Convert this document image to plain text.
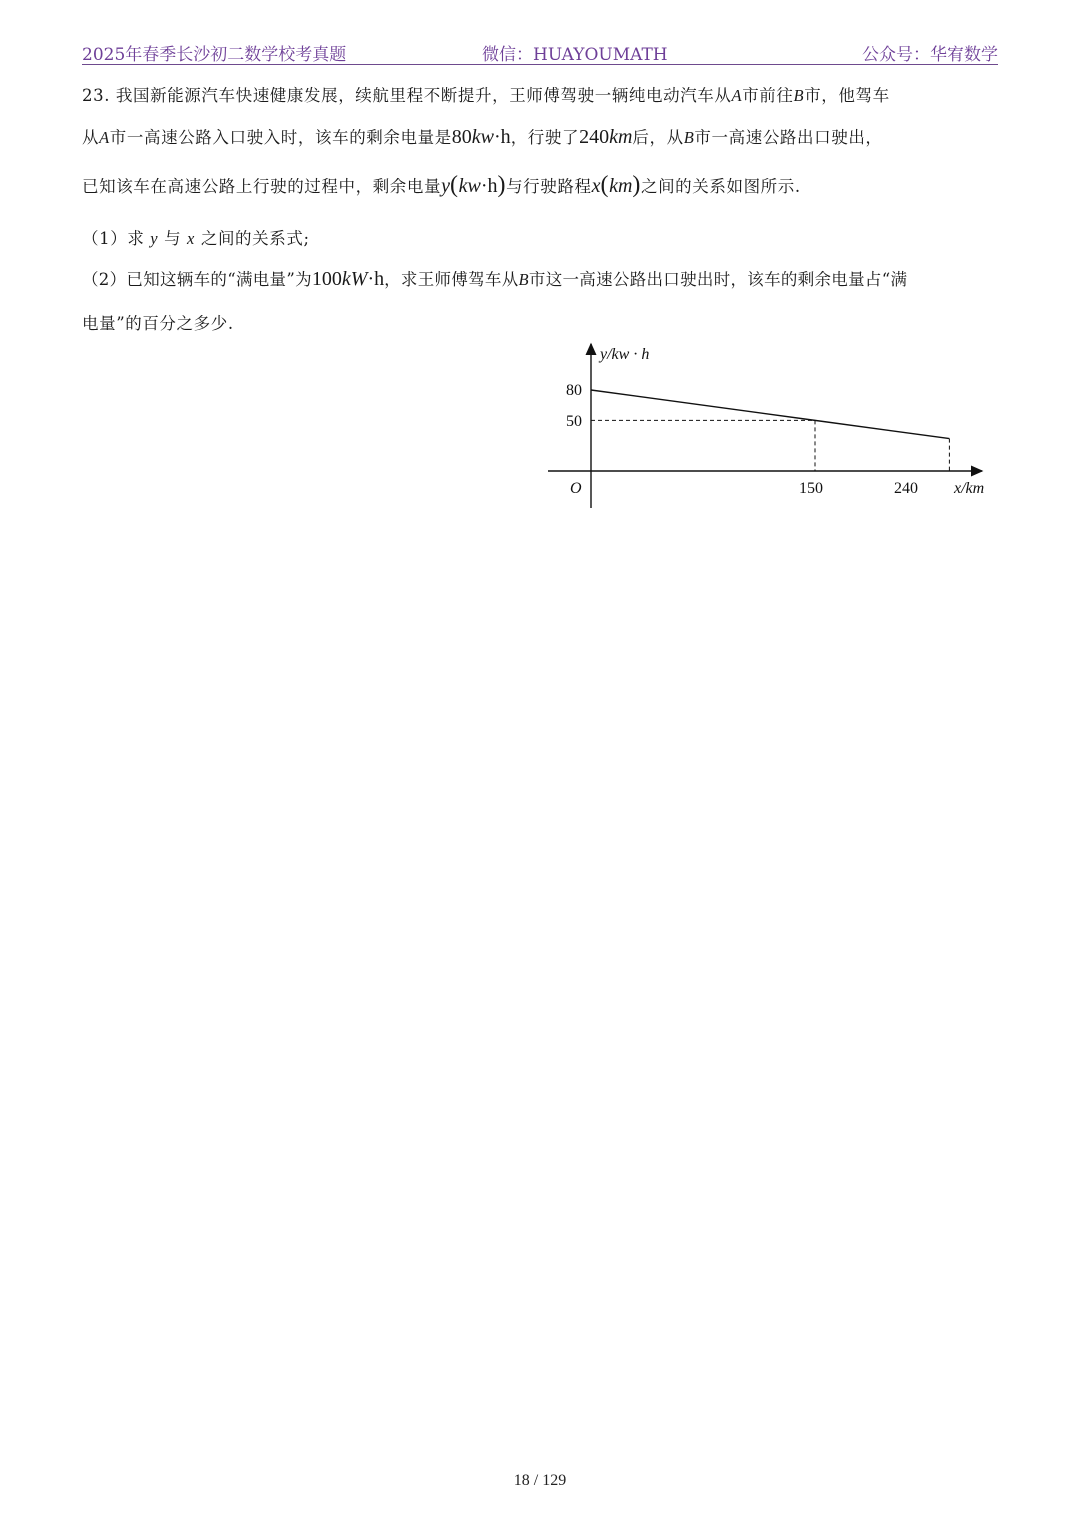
2025年春季长沙初二数学校考真题	微信：HUAYOUMATH	公众号：华宥数学
23. 我国新能源汽车快速健康发展，续航里程不断提升，王师傅驾驶一辆纯电动汽车从A市前往B市，他驾车
从A市一高速公路入口驶入时，该车的剩余电量是80kw·h，行驶了240km后，从B市一高速公路出口驶出，
已知该车在高速公路上行驶的过程中，剩余电量y(kw·h)与行驶路程x(km)之间的关系如图所示.
（1）求 y 与 x 之间的关系式;
（2）已知这辆车的“满电量”为100kW·h，求王师傅驾车从B市这一高速公路出口驶出时，该车的剩余电量占“满
电量”的百分之多少.
y/kw · h
x/km
O
80
50
150	240
18 / 129
